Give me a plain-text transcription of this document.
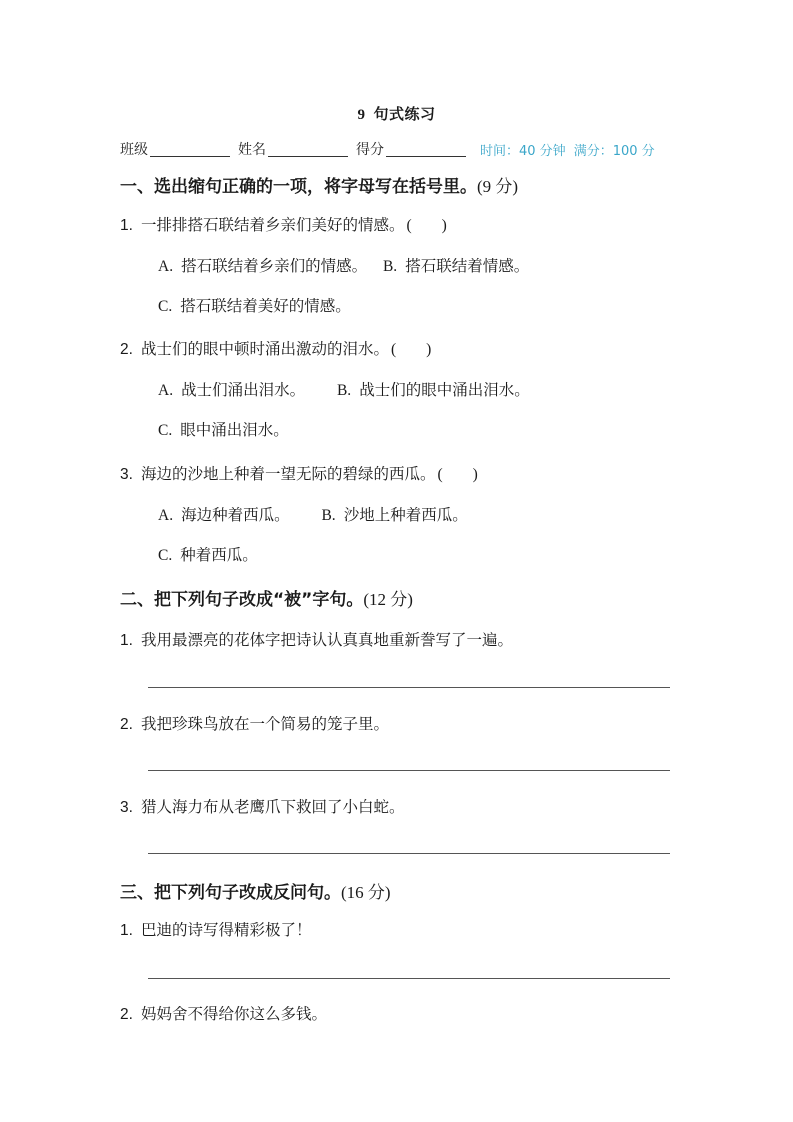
9 句式练习
班级	姓名	得分	时间：40 分钟 满分：100 分
一、选出缩句正确的一项，将字母写在括号里。(9 分)
1. 一排排搭石联结着乡亲们美好的情感。 ( )
A. 搭石联结着乡亲们的情感。 B. 搭石联结着情感。
C. 搭石联结着美好的情感。
2. 战士们的眼中顿时涌出激动的泪水。 ( )
A. 战士们涌出泪水。 B. 战士们的眼中涌出泪水。
C. 眼中涌出泪水。
3. 海边的沙地上种着一望无际的碧绿的西瓜。 ( )
A. 海边种着西瓜。 B. 沙地上种着西瓜。
C. 种着西瓜。
二、把下列句子改成“被”字句。(12 分)
1. 我用最漂亮的花体字把诗认认真真地重新誊写了一遍。
2. 我把珍珠鸟放在一个简易的笼子里。
3. 猎人海力布从老鹰爪下救回了小白蛇。
三、把下列句子改成反问句。(16 分)
1. 巴迪的诗写得精彩极了！
2. 妈妈舍不得给你这么多钱。
